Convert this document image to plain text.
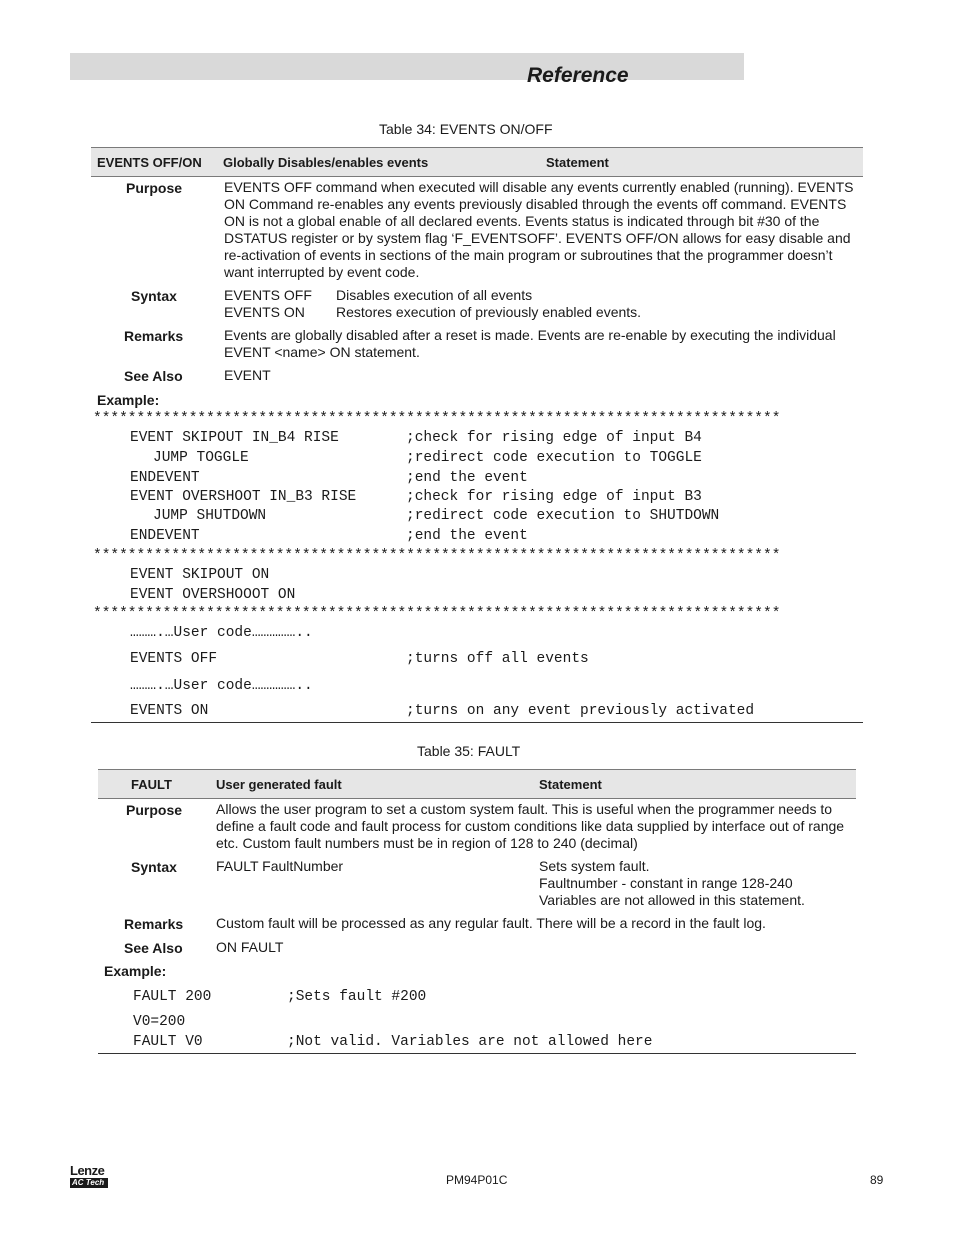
Reference
Table 34: EVENTS ON/OFF
EVENTS OFF/ON Globally Disables/enables events	Statement
Purpose	EVENTS OFF command when executed will disable any events currently enabled (running). EVENTS
ON Command re-enables any events previously disabled through the events off command. EVENTS
ON is not a global enable of all declared events. Events status is indicated through bit #30 of the
DSTATUS register or by system flag ‘F_EVENTSOFF’. EVENTS OFF/ON allows for easy disable and
re-activation of events in sections of the main program or subroutines that the programmer doesn’t
want interrupted by event code.
Syntax	EVENTS OFF Disables execution of all events
EVENTS ON Restores execution of previously enabled events.
Remarks	Events are globally disabled after a reset is made. Events are re-enable by executing the individual
EVENT <name> ON statement.
See Also	EVENT
Example:
*******************************************************************************
EVENT SKIPOUT IN_B4 RISE	;check for rising edge of input B4
JUMP TOGGLE	;redirect code execution to TOGGLE
ENDEVENT	;end the event
EVENT OVERSHOOT IN_B3 RISE	;check for rising edge of input B3
JUMP SHUTDOWN	;redirect code execution to SHUTDOWN
ENDEVENT	;end the event
*******************************************************************************
EVENT SKIPOUT ON
EVENT OVERSHOOOT ON
*******************************************************************************
……….…User code……………..
EVENTS OFF	;turns off all events
……….…User code……………..
EVENTS ON	;turns on any event previously activated
Table 35: FAULT
FAULT	User generated fault	Statement
Purpose Allows the user program to set a custom system fault. This is useful when the programmer needs to
define a fault code and fault process for custom conditions like data supplied by interface out of range
etc. Custom fault numbers must be in region of 128 to 240 (decimal)
Syntax	FAULT FaultNumber	Sets system fault.
Faultnumber - constant in range 128-240
Variables are not allowed in this statement.
Remarks Custom fault will be processed as any regular fault. There will be a record in the fault log.
See Also ON FAULT
Example:
FAULT 200	;Sets fault #200
V0=200
FAULT V0	;Not valid. Variables are not allowed here
Lenze
AC Tech	PM94P01C	89
